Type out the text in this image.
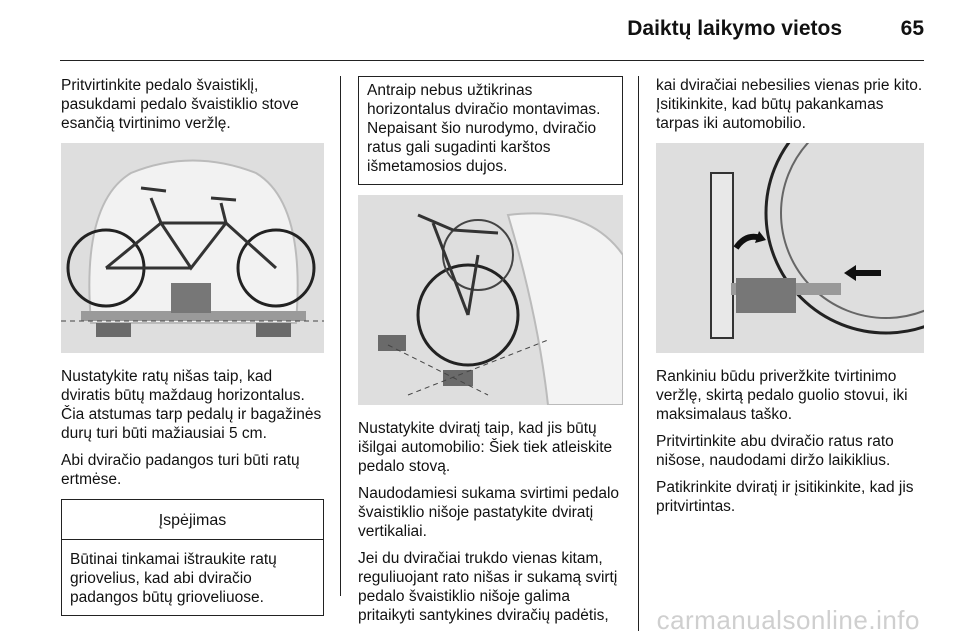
Daiktų laikymo vietos	65

Pritvirtinkite pedalo švaistiklį, pasukdami pedalo švaistiklio stove esančią tvirtinimo veržlę.

Nustatykite ratų nišas taip, kad dviratis būtų maždaug horizontalus. Čia atstumas tarp pedalų ir bagažinės durų turi būti mažiausiai 5 cm.

Abi dviračio padangos turi būti ratų ertmėse.

Įspėjimas
Būtinai tinkamai ištraukite ratų griovelius, kad abi dviračio padangos būtų grioveliuose.
Antraip nebus užtikrinas horizontalus dviračio montavimas. Nepaisant šio nurodymo, dviračio ratus gali sugadinti karštos išmetamosios dujos.

Nustatykite dviratį taip, kad jis būtų išilgai automobilio: Šiek tiek atleiskite pedalo stovą.

Naudodamiesi sukama svirtimi pedalo švaistiklio nišoje pastatykite dviratį vertikaliai.

Jei du dviračiai trukdo vienas kitam, reguliuojant rato nišas ir sukamą svirtį pedalo švaistiklio nišoje galima pritaikyti santykines dviračių padėtis,

kai dviračiai nebesilies vienas prie kito. Įsitikinkite, kad būtų pakankamas tarpas iki automobilio.

Rankiniu būdu priveržkite tvirtinimo veržlę, skirtą pedalo guolio stovui, iki maksimalaus taško.

Pritvirtinkite abu dviračio ratus rato nišose, naudodami diržo laikiklius.

Patikrinkite dviratį ir įsitikinkite, kad jis pritvirtintas.

carmanualsonline.info
